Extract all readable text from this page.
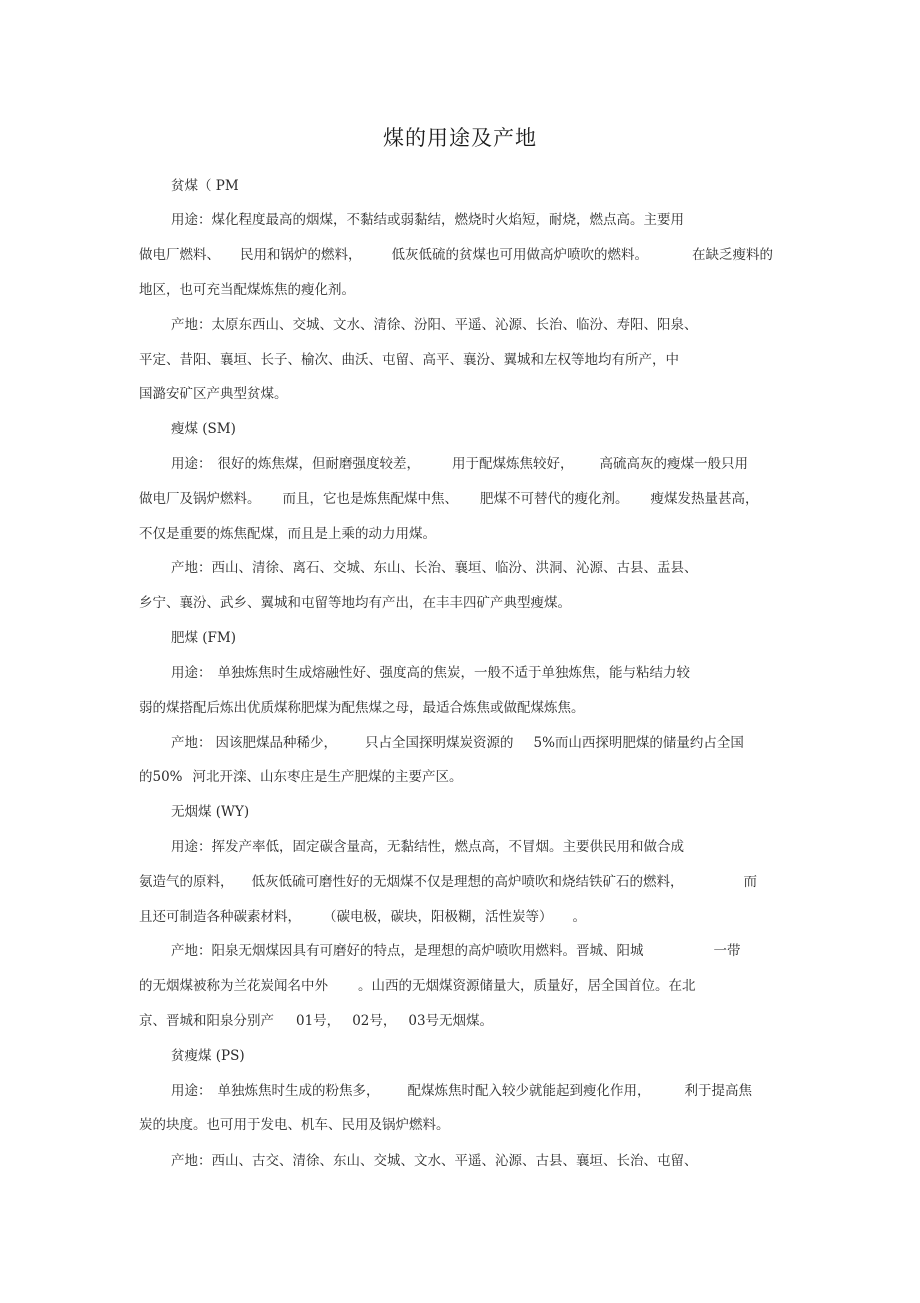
煤的用途及产地
贫煤（ PM
用途：煤化程度最高的烟煤，不黏结或弱黏结，燃烧时火焰短，耐烧，燃点高。主要用
做电厂燃料、 民用和锅炉的燃料， 低灰低硫的贫煤也可用做高炉喷吹的燃料。	在缺乏瘦料的
地区，也可充当配煤炼焦的瘦化剂。
产地：太原东西山、交城、文水、清徐、汾阳、平遥、沁源、长治、临汾、寿阳、阳泉、
平定、昔阳、襄垣、长子、榆次、曲沃、屯留、高平、襄汾、翼城和左权等地均有所产，中
国潞安矿区产典型贫煤。
瘦煤 (SM)
用途： 很好的炼焦煤，但耐磨强度较差， 用于配煤炼焦较好， 高硫高灰的瘦煤一般只用
做电厂及锅炉燃料。 而且，它也是炼焦配煤中焦、 肥煤不可替代的瘦化剂。 瘦煤发热量甚高，
不仅是重要的炼焦配煤，而且是上乘的动力用煤。
产地：西山、清徐、离石、交城、东山、长治、襄垣、临汾、洪洞、沁源、古县、盂县、
乡宁、襄汾、武乡、翼城和屯留等地均有产出，在丰丰四矿产典型瘦煤。
肥煤 (FM)
用途： 单独炼焦时生成熔融性好、强度高的焦炭，一般不适于单独炼焦，能与粘结力较
弱的煤搭配后炼出优质煤称肥煤为配焦煤之母，最适合炼焦或做配煤炼焦。
产地： 因该肥煤品种稀少， 只占全国探明煤炭资源的 5%而山西探明肥煤的储量约占全国
的50% 河北开滦、山东枣庄是生产肥煤的主要产区。
无烟煤 (WY)
用途：挥发产率低，固定碳含量高，无黏结性，燃点高，不冒烟。主要供民用和做合成
氨造气的原料， 低灰低硫可磨性好的无烟煤不仅是理想的高炉喷吹和烧结铁矿石的燃料，	而
且还可制造各种碳素材料， （碳电极，碳块，阳极糊，活性炭等） 。
产地：阳泉无烟煤因具有可磨好的特点，是理想的高炉喷吹用燃料。晋城、阳城	一带
的无烟煤被称为兰花炭闻名中外 。山西的无烟煤资源储量大，质量好，居全国首位。在北
京、晋城和阳泉分别产 01号， 02号， 03号无烟煤。
贫瘦煤 (PS)
用途： 单独炼焦时生成的粉焦多， 配煤炼焦时配入较少就能起到瘦化作用，	利于提高焦
炭的块度。也可用于发电、机车、民用及锅炉燃料。
产地：西山、古交、清徐、东山、交城、文水、平遥、沁源、古县、襄垣、长治、屯留、
